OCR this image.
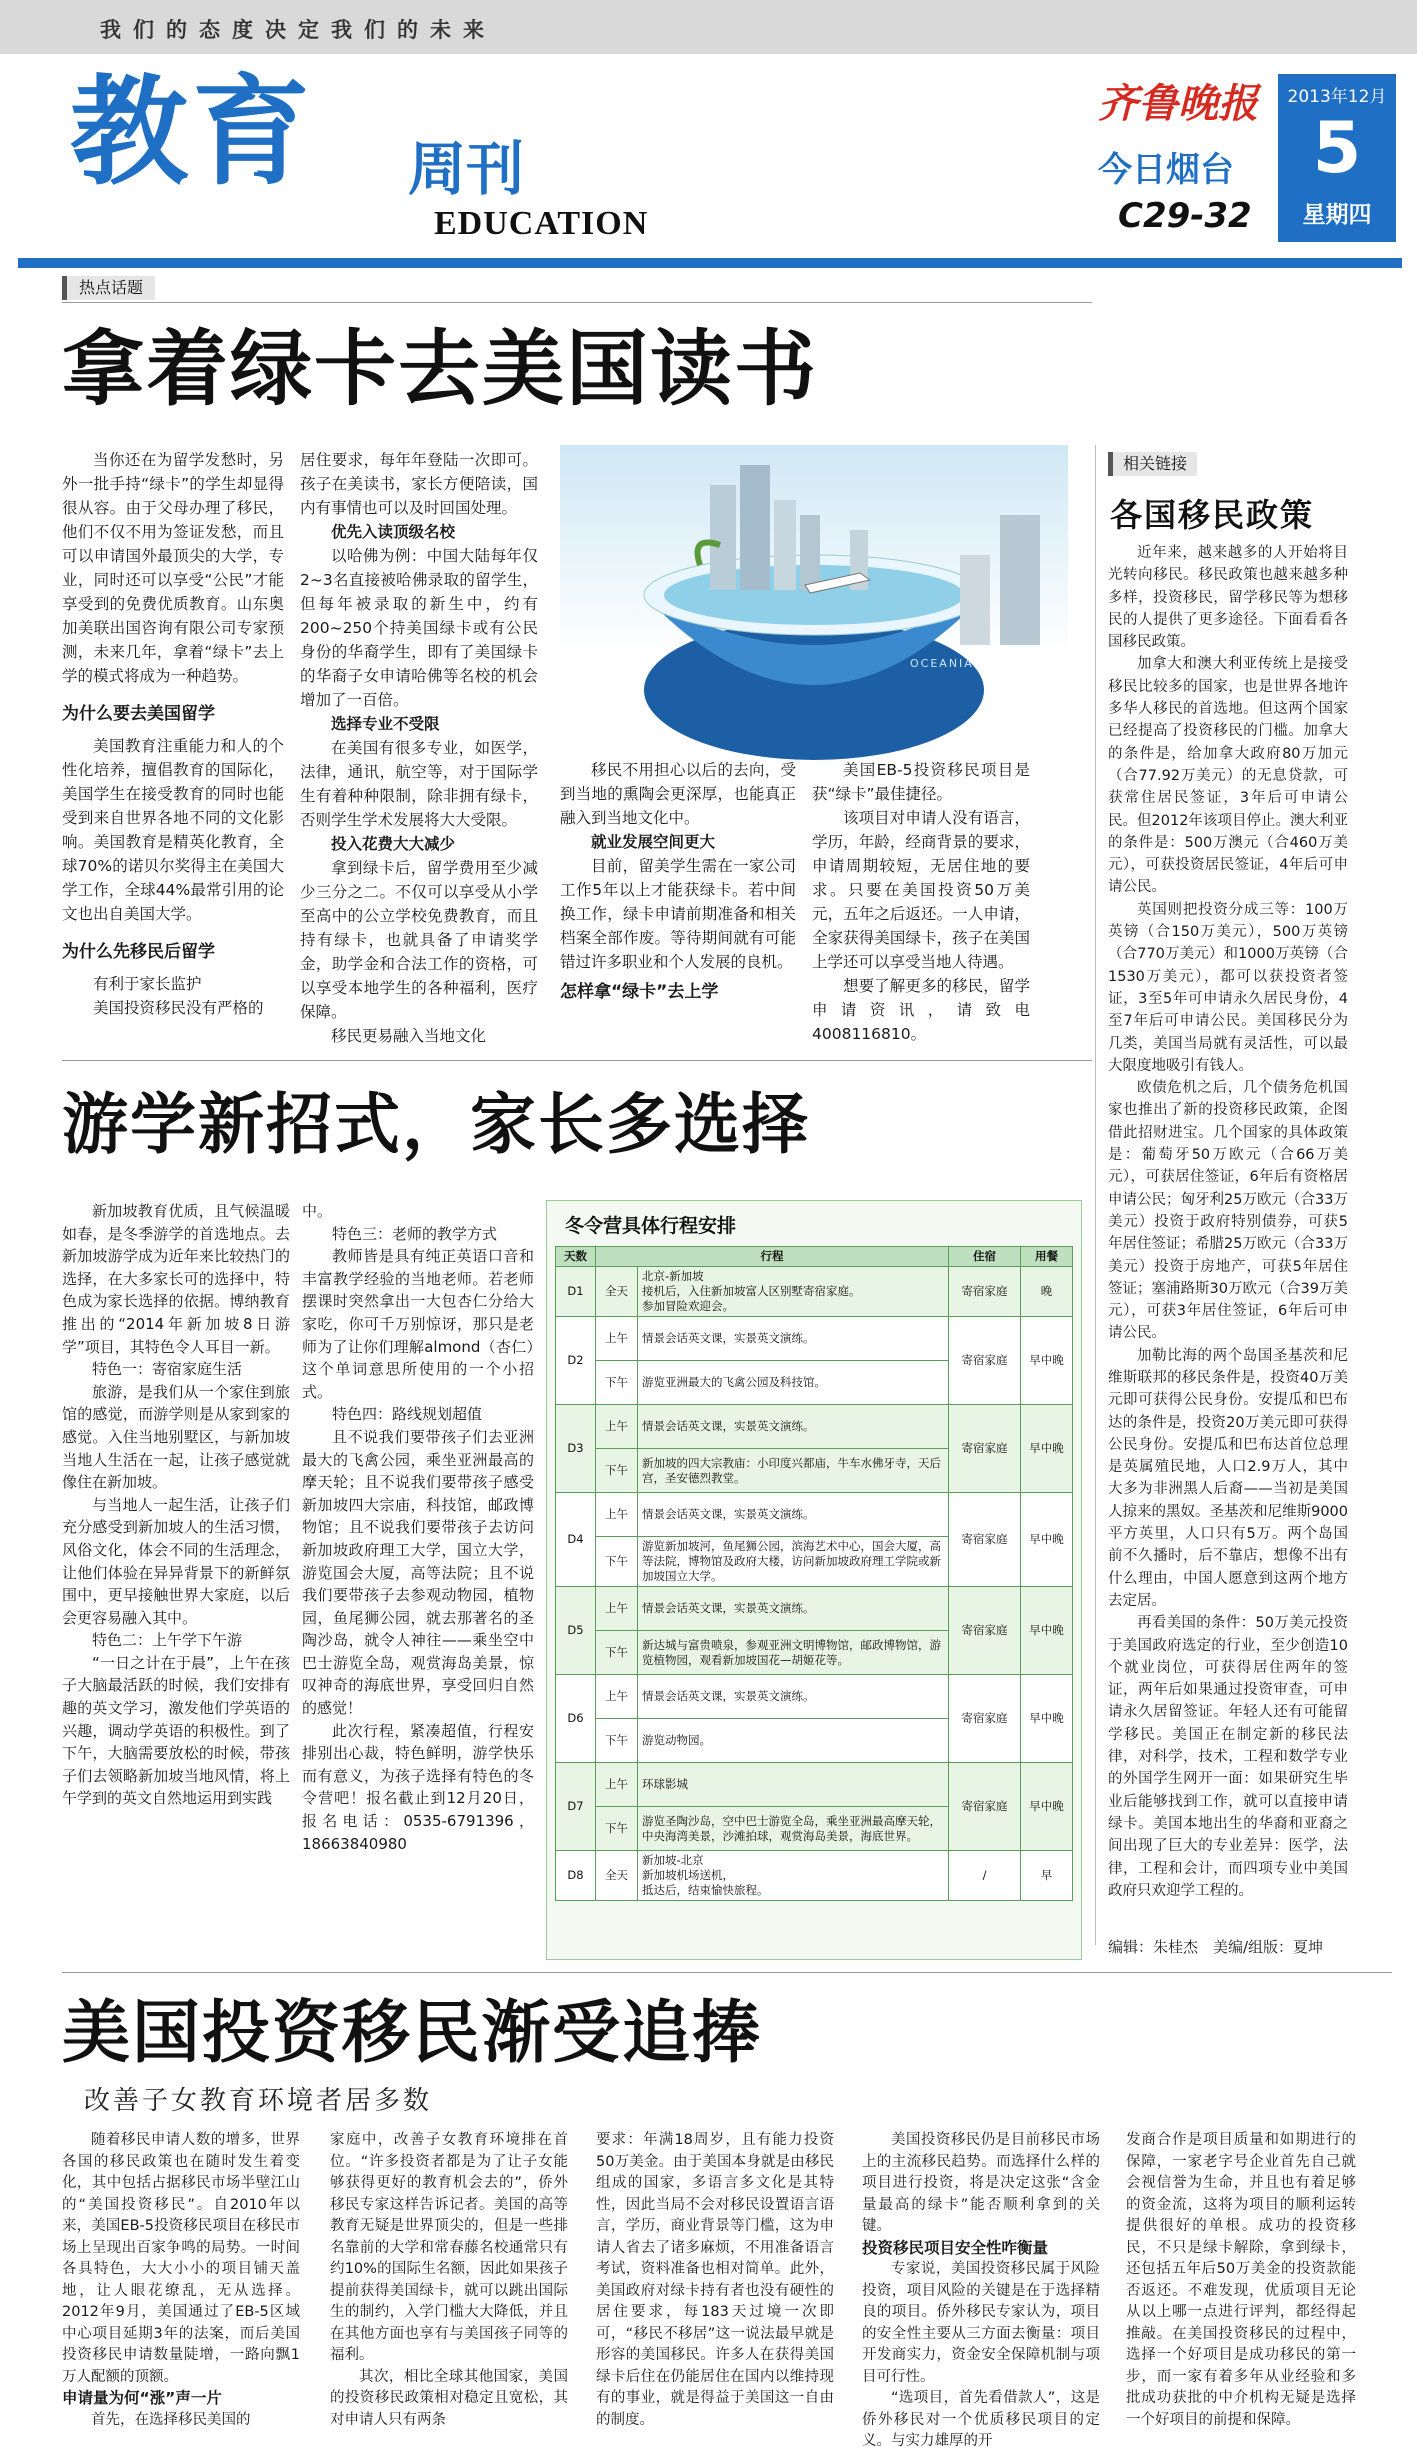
我们的态度决定我们的未来
教育 周刊
EDUCATION
齐鲁晚报
今日烟台
C29-32
2013年12月
5
星期四
热点话题
拿着绿卡去美国读书

当你还在为留学发愁时，另外一批手持“绿卡”的学生却显得很从容。由于父母办理了移民，他们不仅不用为签证发愁，而且可以申请国外最顶尖的大学，专业，同时还可以享受“公民”才能享受到的免费优质教育。山东奥加美联出国咨询有限公司专家预测，未来几年，拿着“绿卡”去上学的模式将成为一种趋势。

为什么要去美国留学

美国教育注重能力和人的个性化培养，擅倡教育的国际化，美国学生在接受教育的同时也能受到来自世界各地不同的文化影响。美国教育是精英化教育，全球70%的诺贝尔奖得主在美国大学工作，全球44%最常引用的论文也出自美国大学。

为什么先移民后留学
有利于家长监护

美国投资移民没有严格的

居住要求，每年年登陆一次即可。孩子在美读书，家长方便陪读，国内有事情也可以及时回国处理。

优先入读顶级名校

以哈佛为例：中国大陆每年仅2~3名直接被哈佛录取的留学生，但每年被录取的新生中，约有200~250个持美国绿卡或有公民身份的华裔学生，即有了美国绿卡的华裔子女申请哈佛等名校的机会增加了一百倍。

选择专业不受限

在美国有很多专业，如医学，法律，通讯，航空等，对于国际学生有着种种限制，除非拥有绿卡，否则学生学术发展将大大受限。

投入花费大大减少

拿到绿卡后，留学费用至少减少三分之二。不仅可以享受从小学至高中的公立学校免费教育，而且持有绿卡，也就具备了申请奖学金，助学金和合法工作的资格，可以享受本地学生的各种福利，医疗保障。

移民更易融入当地文化

OCEANIA

移民不用担心以后的去向，受到当地的熏陶会更深厚，也能真正融入到当地文化中。

就业发展空间更大

目前，留美学生需在一家公司工作5年以上才能获绿卡。若中间换工作，绿卡申请前期准备和相关档案全部作废。等待期间就有可能错过许多职业和个人发展的良机。

怎样拿“绿卡”去上学

美国EB-5投资移民项目是获“绿卡”最佳捷径。

该项目对申请人没有语言，学历，年龄，经商背景的要求，申请周期较短，无居住地的要求。只要在美国投资50万美元，五年之后返还。一人申请，全家获得美国绿卡，孩子在美国上学还可以享受当地人待遇。

想要了解更多的移民，留学申请资讯，请致电4008116810。

相关链接
各国移民政策

近年来，越来越多的人开始将目光转向移民。移民政策也越来越多种多样，投资移民，留学移民等为想移民的人提供了更多途径。下面看看各国移民政策。

加拿大和澳大利亚传统上是接受移民比较多的国家，也是世界各地许多华人移民的首选地。但这两个国家已经提高了投资移民的门槛。加拿大的条件是，给加拿大政府80万加元（合77.92万美元）的无息贷款，可获常住居民签证，3年后可申请公民。但2012年该项目停止。澳大利亚的条件是：500万澳元（合460万美元），可获投资居民签证，4年后可申请公民。

英国则把投资分成三等：100万英镑（合150万美元），500万英镑（合770万美元）和1000万英镑（合1530万美元），都可以获投资者签证，3至5年可申请永久居民身份，4至7年后可申请公民。美国移民分为几类，美国当局就有灵活性，可以最大限度地吸引有钱人。

欧债危机之后，几个债务危机国家也推出了新的投资移民政策，企图借此招财进宝。几个国家的具体政策是：葡萄牙50万欧元（合66万美元），可获居住签证，6年后有资格居申请公民；匈牙利25万欧元（合33万美元）投资于政府特别债券，可获5年居住签证；希腊25万欧元（合33万美元）投资于房地产，可获5年居住签证；塞浦路斯30万欧元（合39万美元），可获3年居住签证，6年后可申请公民。

加勒比海的两个岛国圣基茨和尼维斯联邦的移民条件是，投资40万美元即可获得公民身份。安提瓜和巴布达的条件是，投资20万美元即可获得公民身份。安提瓜和巴布达首位总理是英属殖民地，人口2.9万人，其中大多为非洲黑人后裔——当初是美国人掠来的黑奴。圣基茨和尼维斯9000平方英里，人口只有5万。两个岛国前不久播时，后不靠店，想像不出有什么理由，中国人愿意到这两个地方去定居。

再看美国的条件：50万美元投资于美国政府选定的行业，至少创造10个就业岗位，可获得居住两年的签证，两年后如果通过投资审查，可申请永久居留签证。年轻人还有可能留学移民。美国正在制定新的移民法律，对科学，技术，工程和数学专业的外国学生网开一面：如果研究生毕业后能够找到工作，就可以直接申请绿卡。美国本地出生的华裔和亚裔之间出现了巨大的专业差异：医学，法律，工程和会计，而四项专业中美国政府只欢迎学工程的。

编辑：朱桂杰　美编/组版：夏坤
游学新招式，家长多选择

新加坡教育优质，且气候温暖如春，是冬季游学的首选地点。去新加坡游学成为近年来比较热门的选择，在大多家长可的选择中，特色成为家长选择的依据。博纳教育推出的“2014年新加坡8日游学”项目，其特色令人耳目一新。

特色一：寄宿家庭生活

旅游，是我们从一个家住到旅馆的感觉，而游学则是从家到家的感觉。入住当地别墅区，与新加坡当地人生活在一起，让孩子感觉就像住在新加坡。

与当地人一起生活，让孩子们充分感受到新加坡人的生活习惯，风俗文化，体会不同的生活理念，让他们体验在异异背景下的新鲜氛围中，更早接触世界大家庭，以后会更容易融入其中。

特色二：上午学下午游

“一日之计在于晨”，上午在孩子大脑最活跃的时候，我们安排有趣的英文学习，激发他们学英语的兴趣，调动学英语的积极性。到了下午，大脑需要放松的时候，带孩子们去领略新加坡当地风情，将上午学到的英文自然地运用到实践

中。

特色三：老师的教学方式

教师皆是具有纯正英语口音和丰富教学经验的当地老师。若老师摆课时突然拿出一大包杏仁分给大家吃，你可千万别惊讶，那只是老师为了让你们理解almond（杏仁）这个单词意思所使用的一个小招式。

特色四：路线规划超值

且不说我们要带孩子们去亚洲最大的飞禽公园，乘坐亚洲最高的摩天轮；且不说我们要带孩子感受新加坡四大宗庙，科技馆，邮政博物馆；且不说我们要带孩子去访问新加坡政府理工大学，国立大学，游览国会大厦，高等法院；且不说我们要带孩子去参观动物园，植物园，鱼尾狮公园，就去那著名的圣陶沙岛，就令人神往——乘坐空中巴士游览全岛，观赏海岛美景，惊叹神奇的海底世界，享受回归自然的感觉！

此次行程，紧凑超值，行程安排别出心裁，特色鲜明，游学快乐而有意义，为孩子选择有特色的冬令营吧！报名截止到12月20日，报名电话：0535-6791396，18663840980

冬令营具体行程安排
天数	行程		住宿	用餐
D1	全天	北京-新加坡
接机后，入住新加坡富人区别墅寄宿家庭。
参加冒险欢迎会。	寄宿家庭	晚
D2	上午	情景会话英文课，实景英文演练。	寄宿家庭	早中晚
	下午	游览亚洲最大的飞禽公园及科技馆。		
D3	上午	情景会话英文课，实景英文演练。	寄宿家庭	早中晚
	下午	新加坡的四大宗教庙：小印度兴都庙，牛车水佛牙寺，天后宫，圣安德烈教堂。		
D4	上午	情景会话英文课，实景英文演练。	寄宿家庭	早中晚
	下午	游览新加坡河，鱼尾狮公园，滨海艺术中心，国会大厦，高等法院，博物馆及政府大楼，访问新加坡政府理工学院或新加坡国立大学。		
D5	上午	情景会话英文课，实景英文演练。	寄宿家庭	早中晚
	下午	新达城与富贵喷泉，参观亚洲文明博物馆，邮政博物馆，游览植物园，观看新加坡国花—胡姬花等。		
D6	上午	情景会话英文课，实景英文演练。	寄宿家庭	早中晚
	下午	游览动物园。		
D7	上午	环球影城	寄宿家庭	早中晚
	下午	游览圣陶沙岛，空中巴士游览全岛，乘坐亚洲最高摩天轮，中央海湾美景，沙滩拍球，观赏海岛美景，海底世界。		
D8	全天	新加坡-北京
新加坡机场送机，
抵达后，结束愉快旅程。	/	早
美国投资移民渐受追捧
改善子女教育环境者居多数

随着移民申请人数的增多，世界各国的移民政策也在随时发生着变化，其中包括占据移民市场半壁江山的“美国投资移民”。自2010年以来，美国EB-5投资移民项目在移民市场上呈现出百家争鸣的局势。一时间各具特色，大大小小的项目铺天盖地，让人眼花缭乱，无从选择。2012年9月，美国通过了EB-5区域中心项目延期3年的法案，而后美国投资移民申请数量陡增，一路向飘1万人配额的顶额。

申请量为何“涨”声一片

首先，在选择移民美国的

家庭中，改善子女教育环境排在首位。“许多投资者都是为了让子女能够获得更好的教育机会去的”，侨外移民专家这样告诉记者。美国的高等教育无疑是世界顶尖的，但是一些排名靠前的大学和常春藤名校通常只有约10%的国际生名额，因此如果孩子提前获得美国绿卡，就可以跳出国际生的制约，入学门槛大大降低，并且在其他方面也享有与美国孩子同等的福利。

其次，相比全球其他国家，美国的投资移民政策相对稳定且宽松，其对申请人只有两条

要求：年满18周岁，且有能力投资50万美金。由于美国本身就是由移民组成的国家，多语言多文化是其特性，因此当局不会对移民设置语言语言，学历，商业背景等门槛，这为申请人省去了诸多麻烦，不用准备语言考试，资料准备也相对简单。此外，美国政府对绿卡持有者也没有硬性的居住要求，每183天过境一次即可，“移民不移居”这一说法最早就是形容的美国移民。许多人在获得美国绿卡后住在仍能居住在国内以维持现有的事业，就是得益于美国这一自由的制度。

美国投资移民仍是目前移民市场上的主流移民趋势。而选择什么样的项目进行投资，将是决定这张“含金量最高的绿卡”能否顺利拿到的关键。

投资移民项目安全性咋衡量

专家说，美国投资移民属于风险投资，项目风险的关键是在于选择精良的项目。侨外移民专家认为，项目的安全性主要从三方面去衡量：项目开发商实力，资金安全保障机制与项目可行性。

“选项目，首先看借款人”，这是侨外移民对一个优质移民项目的定义。与实力雄厚的开

发商合作是项目质量和如期进行的保障，一家老字号企业首先自己就会视信誉为生命，并且也有着足够的资金流，这将为项目的顺利运转提供很好的单根。成功的投资移民，不只是绿卡解除，拿到绿卡，还包括五年后50万美金的投资款能否返还。不难发现，优质项目无论从以上哪一点进行评判，都经得起推敲。在美国投资移民的过程中，选择一个好项目是成功移民的第一步，而一家有着多年从业经验和多批成功获批的中介机构无疑是选择一个好项目的前提和保障。
